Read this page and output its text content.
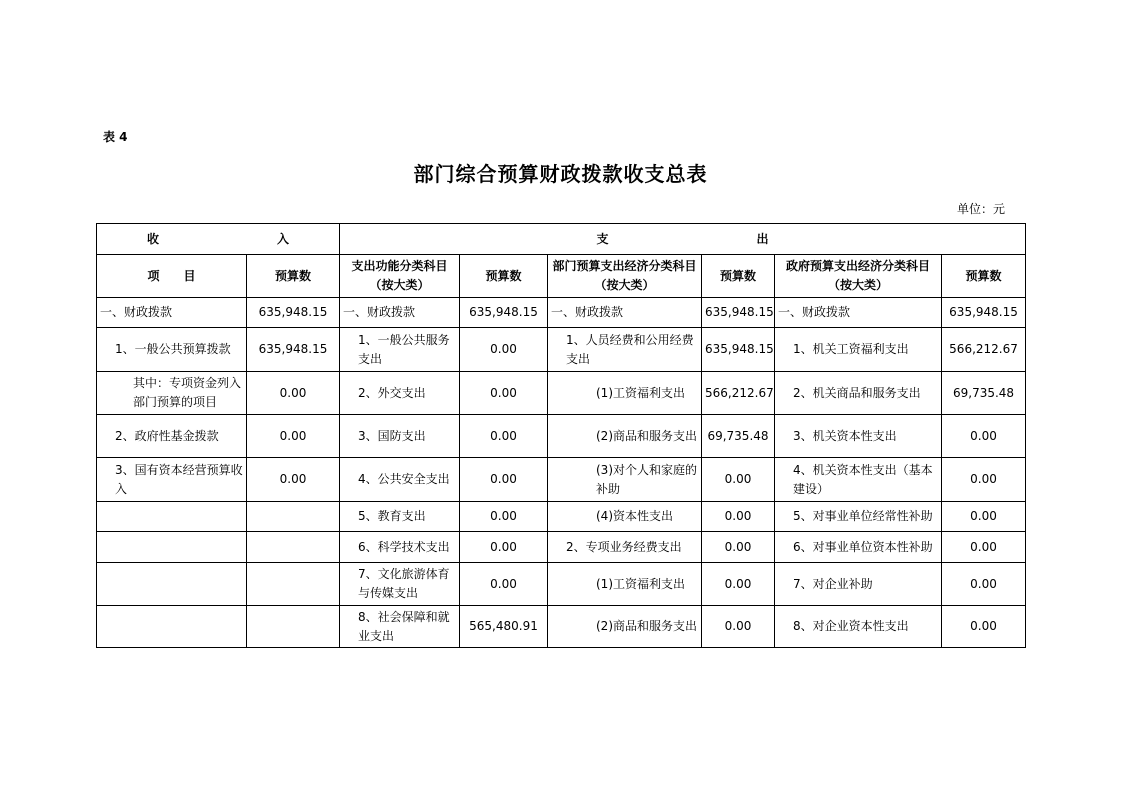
表 4
部门综合预算财政拨款收支总表
单位：元
收 入		支 出					
项　　目	预算数	支出功能分类科目（按大类）	预算数	部门预算支出经济分类科目（按大类）	预算数	政府预算支出经济分类科目（按大类）	预算数
一、财政拨款	635,948.15	一、财政拨款	635,948.15	一、财政拨款	635,948.15	一、财政拨款	635,948.15
1、一般公共预算拨款	635,948.15	1、一般公共服务支出	0.00	1、人员经费和公用经费支出	635,948.15	1、机关工资福利支出	566,212.67
其中：专项资金列入部门预算的项目	0.00	2、外交支出	0.00	(1)工资福利支出	566,212.67	2、机关商品和服务支出	69,735.48
2、政府性基金拨款	0.00	3、国防支出	0.00	(2)商品和服务支出	69,735.48	3、机关资本性支出	0.00
3、国有资本经营预算收入	0.00	4、公共安全支出	0.00	(3)对个人和家庭的补助	0.00	4、机关资本性支出（基本建设）	0.00
		5、教育支出	0.00	(4)资本性支出	0.00	5、对事业单位经常性补助	0.00
		6、科学技术支出	0.00	2、专项业务经费支出	0.00	6、对事业单位资本性补助	0.00
		7、文化旅游体育与传媒支出	0.00	(1)工资福利支出	0.00	7、对企业补助	0.00
		8、社会保障和就业支出	565,480.91	(2)商品和服务支出	0.00	8、对企业资本性支出	0.00
